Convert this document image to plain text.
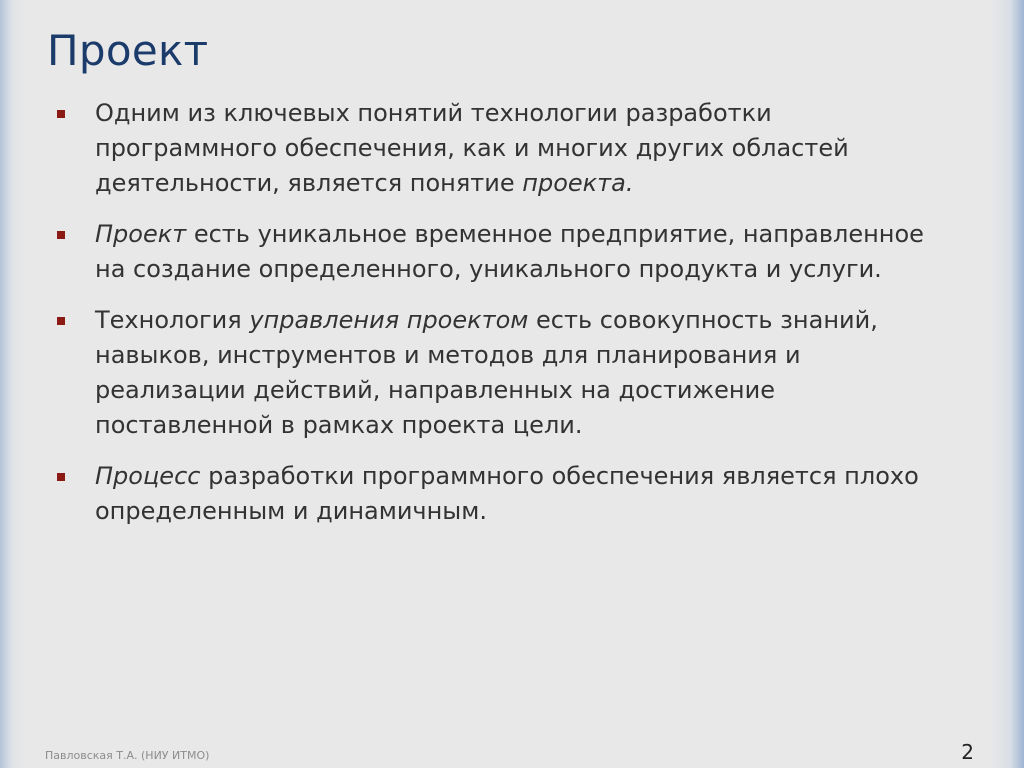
Проект
Одним из ключевых понятий технологии разработки программного обеспечения, как и многих других областей деятельности, является понятие проекта.
Проект есть уникальное временное предприятие, направленное на создание определенного, уникального продукта и услуги.
Технология управления проектом есть совокупность знаний, навыков, инструментов и методов для планирования и реализации действий, направленных на достижение поставленной в рамках проекта цели.
Процесс разработки программного обеспечения является плохо определенным и динамичным.
Павловская Т.А. (НИУ ИТМО)	2
